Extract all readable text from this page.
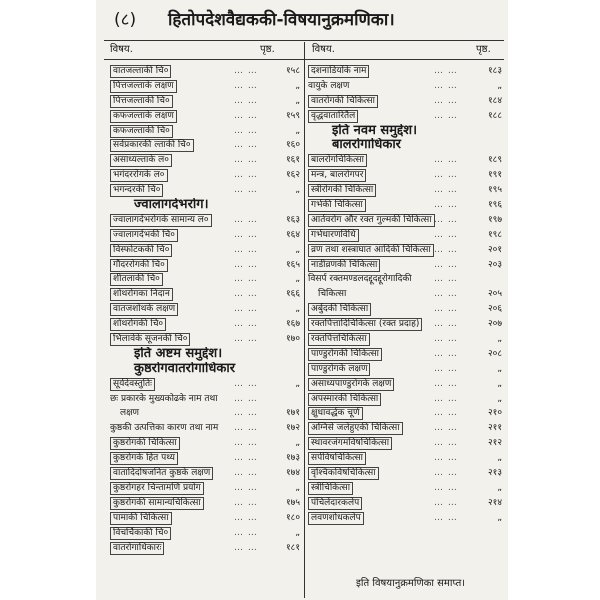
(८) हितोपदेशवैद्यककी-विषयानुक्रमणिका।
विषय.	पृष्ठ.	विषय.	पृष्ठ.
वातजल्ताकी चि०	… …	१५८
पित्तजल्ताके लक्षण	… …	„
पित्तजल्ताकी चि०	… …	„
कफजल्ताके लक्षण	… …	१५९
कफजल्ताकी चि०	… …	„
सर्वप्रकारकी ल्ताकी चि०	… …	१६०
असाध्यल्ताके ल०	… …	१६१
भगंदररोगके ल०	… …	१६२
भगन्दरकी चि०	… …	„
ज्वालागर्दभरोग।
ज्वालागर्दभरोगके सामान्य ल०	… …	१६३
ज्वालागर्दभकी चि०	… …	१६४
विस्फोटककी चि०	… …	„
गौदररोगकी चि०	… …	१६५
शीतलाकी चि०	… …	„
शोथरोगका निदान	… …	१६६
वातजशोथके लक्षण	… …	„
शोथरोगकी चि०	… …	१६७
भिलावेके सूजनकी चि०	… …	१७०
इति अष्टम समुद्देश।
कुष्ठरोगवातरोगाधिकार
सूर्यदेवस्तुतिः	… …	„
छः प्रकारके मुख्यकोढके नाम तथा … …
लक्षण	… …	१७१
कुष्ठकी उत्पत्तिका कारण तथा नाम … …	१७२
कुष्ठरोगकी चिकित्सा	… …	„
कुष्ठरोगके हित पथ्य	… …	१७३
वातादिदोषजनित कुष्ठके लक्षण	… …	१७४
कुष्ठरोगहर चिन्तामणि प्रयोग	… …	„
कुष्ठरोगकी सामान्यचिकित्सा	… …	१७५
पामाकी चिकित्सा	… …	१८०
विचर्चिकाकी चि०	… …	„
वातरोगाधिकारः	… …	१८१
दशनाडियोंके नाम	… …	१८३
वायुके लक्षण	… …	„
वातरोगकी चिकित्सा	… …	१८४
वृद्धवातारितैल	… …	१८८
इति नवम समुद्देश।
बालरोगाधिकार
बालरोगचिकित्सा	… …	१८९
मन्त्र, बालरोगपर	… …	१९१
स्त्रीरोगकी चिकित्सा	… …	१९५
गर्भकी चिकित्सा	… …	१९६
आर्तवरोग और रक्त गुल्मकी चिकित्सा … …	१९७
गर्भधारणविधि	… …	१९८
व्रण तथा शस्त्राघात आदिकी चिकित्सा … …	२०१
नाडीव्रणकी चिकित्सा	… …	२०३
विसर्प रक्तमण्डलदद्दूदद्दूरोगादिकी … …
चिकित्सा	… …	२०५
अर्बुदकी चिकित्सा	… …	२०६
रक्तपित्तादिचिकित्सा (रक्त प्रदाह)	… …	२०७
रक्तपित्तचिकित्सा	… …	„
पाण्डुरोगकी चिकित्सा	… …	२०८
पाण्डुरोगके लक्षण	… …	„
असाध्यपाण्डुरोगके लक्षण	… …	„
अपस्मारकी चिकित्सा	… …	„
क्षुधावर्द्धक चूर्ण	… …	२१०
अग्निसे जलेहुएकी चिकित्सा	… …	२११
स्थावरजंगमविषचिकित्सा	… …	२१२
सर्पविषचिकित्सा	… …	„
वृश्चिकविषचिकित्सा	… …	२१३
स्त्रीचिकित्सा	… …	„
पंचिलेंदारकलेप	… …	२१४
लवणशोधकलेप	… …	„
इति विषयानुक्रमणिका समाप्त।
